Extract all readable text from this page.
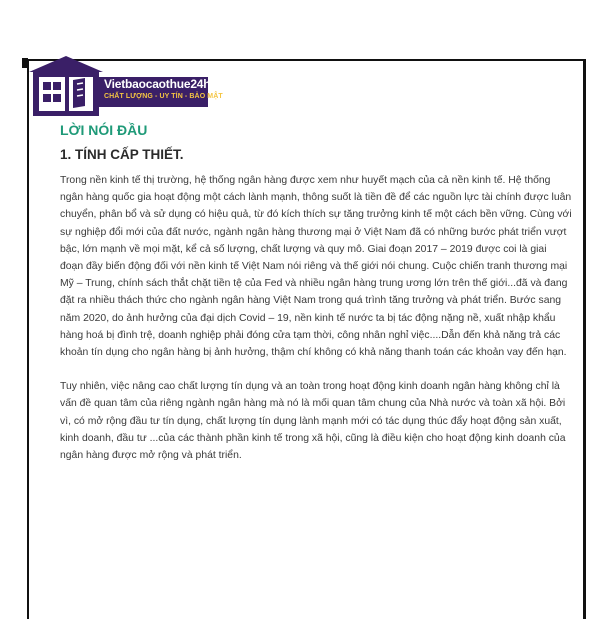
Vietbaocaothue24h
CHẤT LƯỢNG - UY TÍN - BẢO MẬT
LỜI NÓI ĐẦU
1. TÍNH CẤP THIẾT.

Trong nền kinh tế thị trường, hệ thống ngân hàng được xem như huyết mạch của cả nền kinh tế. Hệ thống ngân hàng quốc gia hoạt động một cách lành mạnh, thông suốt là tiền đề để các nguồn lực tài chính được luân chuyển, phân bổ và sử dụng có hiệu quả, từ đó kích thích sự tăng trưởng kinh tế một cách bền vững. Cùng với sự nghiệp đổi mới của đất nước, ngành ngân hàng thương mại ở Việt Nam đã có những bước phát triển vượt bậc, lớn mạnh về mọi mặt, kể cả số lượng, chất lượng và quy mô. Giai đoạn 2017 – 2019 được coi là giai đoạn đầy biến động đối với nền kinh tế Việt Nam nói riêng và thế giới nói chung. Cuộc chiến tranh thương mại Mỹ – Trung, chính sách thắt chặt tiền tệ của Fed và nhiều ngân hàng trung ương lớn trên thế giới...đã và đang đặt ra nhiều thách thức cho ngành ngân hàng Việt Nam trong quá trình tăng trưởng và phát triển. Bước sang năm 2020, do ảnh hưởng của đại dịch Covid – 19, nền kinh tế nước ta bị tác động nặng nề, xuất nhập khẩu hàng hoá bị đình trệ, doanh nghiệp phải đóng cửa tạm thời, công nhân nghỉ việc....Dẫn đến khả năng trả các khoản tín dụng cho ngân hàng bị ảnh hưởng, thậm chí không có khả năng thanh toán các khoản vay đến hạn.

Tuy nhiên, việc nâng cao chất lượng tín dụng và an toàn trong hoạt động kinh doanh ngân hàng không chỉ là vấn đề quan tâm của riêng ngành ngân hàng mà nó là mối quan tâm chung của Nhà nước và toàn xã hội. Bởi vì, có mở rộng đầu tư tín dụng, chất lượng tín dụng lành mạnh mới có tác dụng thúc đẩy hoạt động sản xuất, kinh doanh, đầu tư ...của các thành phần kinh tế trong xã hội, cũng là điều kiện cho hoạt động kinh doanh của ngân hàng được mở rộng và phát triển.
